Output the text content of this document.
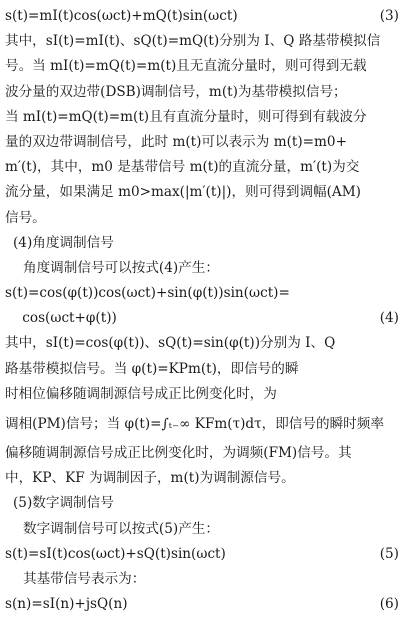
s(t)=mI(t)cos(ωct)+mQ(t)sin(ωct)	(3)
其中，sI(t)=mI(t)、sQ(t)=mQ(t)分别为 I、Q 路基带模拟信
号。当 mI(t)=mQ(t)=m(t)且无直流分量时，则可得到无载
波分量的双边带(DSB)调制信号，m(t)为基带模拟信号；
当 mI(t)=mQ(t)=m(t)且有直流分量时，则可得到有载波分
量的双边带调制信号，此时 m(t)可以表示为 m(t)=m0+
m′(t)，其中，m0 是基带信号 m(t)的直流分量，m′(t)为交
流分量，如果满足 m0>max(|m′(t)|)，则可得到调幅(AM)
信号。
(4)角度调制信号
角度调制信号可以按式(4)产生：
s(t)=cos(φ(t))cos(ωct)+sin(φ(t))sin(ωct)=
cos(ωct+φ(t))	(4)
其中，sI(t)=cos(φ(t))、sQ(t)=sin(φ(t))分别为 I、Q
路基带模拟信号。当 φ(t)=KPm(t)，即信号的瞬
时相位偏移随调制源信号成正比例变化时，为
调相(PM)信号；当 φ(t)=∫ₜ₋∞ KFm(τ)dτ，即信号的瞬时频率
偏移随调制源信号成正比例变化时，为调频(FM)信号。其
中，KP、KF 为调制因子，m(t)为调制源信号。
(5)数字调制信号
数字调制信号可以按式(5)产生：
s(t)=sI(t)cos(ωct)+sQ(t)sin(ωct)	(5)
其基带信号表示为：
s(n)=sI(n)+jsQ(n)	(6)
